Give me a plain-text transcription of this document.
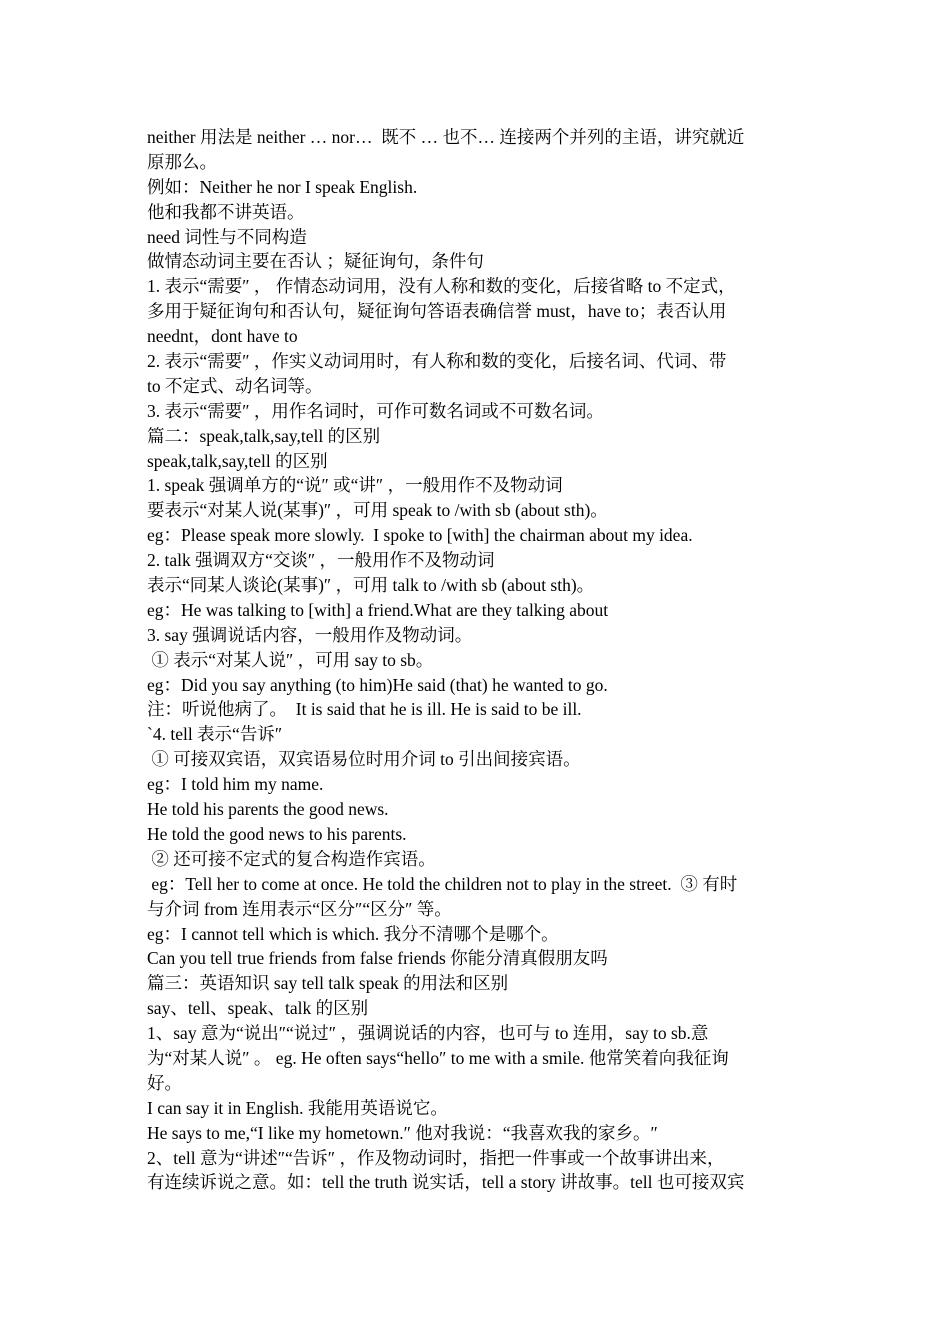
neither 用法是 neither … nor…  既不 … 也不… 连接两个并列的主语，讲究就近
原那么。
例如：Neither he nor I speak English.
他和我都不讲英语。
need 词性与不同构造
做情态动词主要在否认 ；疑征询句，条件句
1. 表示“需要″ ， 作情态动词用，没有人称和数的变化，后接省略 to 不定式，
多用于疑征询句和否认句，疑征询句答语表确信誉 must，have to；表否认用
neednt，dont have to
2. 表示“需要″ ，作实义动词用时，有人称和数的变化，后接名词、代词、带
to 不定式、动名词等。
3. 表示“需要″ ，用作名词时，可作可数名词或不可数名词。
篇二：speak,talk,say,tell 的区别
speak,talk,say,tell 的区别
1. speak 强调单方的“说″ 或“讲″ ，一般用作不及物动词
要表示“对某人说(某事)″ ，可用 speak to /with sb (about sth)。
eg：Please speak more slowly.  I spoke to [with] the chairman about my idea.
2. talk 强调双方“交谈″ ，一般用作不及物动词
表示“同某人谈论(某事)″ ，可用 talk to /with sb (about sth)。
eg：He was talking to [with] a friend.What are they talking about
3. say 强调说话内容，一般用作及物动词。
① 表示“对某人说″ ，可用 say to sb。
eg：Did you say anything (to him)He said (that) he wanted to go.
注：听说他病了。  It is said that he is ill. He is said to be ill.
`4. tell 表示“告诉″
① 可接双宾语，双宾语易位时用介词 to 引出间接宾语。
eg：I told him my name.
He told his parents the good news.
He told the good news to his parents.
② 还可接不定式的复合构造作宾语。
eg：Tell her to come at once. He told the children not to play in the street.  ③ 有时
与介词 from 连用表示“区分″“区分″ 等。
eg：I cannot tell which is which. 我分不清哪个是哪个。
Can you tell true friends from false friends 你能分清真假朋友吗
篇三：英语知识 say tell talk speak 的用法和区别
say、tell、speak、talk 的区别
1、say 意为“说出″“说过″ ，强调说话的内容，也可与 to 连用，say to sb.意
为“对某人说″ 。 eg. He often says“hello″ to me with a smile. 他常笑着向我征询
好。
I can say it in English. 我能用英语说它。
He says to me,“I like my hometown.″ 他对我说：“我喜欢我的家乡。″
2、tell 意为“讲述″“告诉″ ，作及物动词时，指把一件事或一个故事讲出来，
有连续诉说之意。如：tell the truth 说实话，tell a story 讲故事。tell 也可接双宾
